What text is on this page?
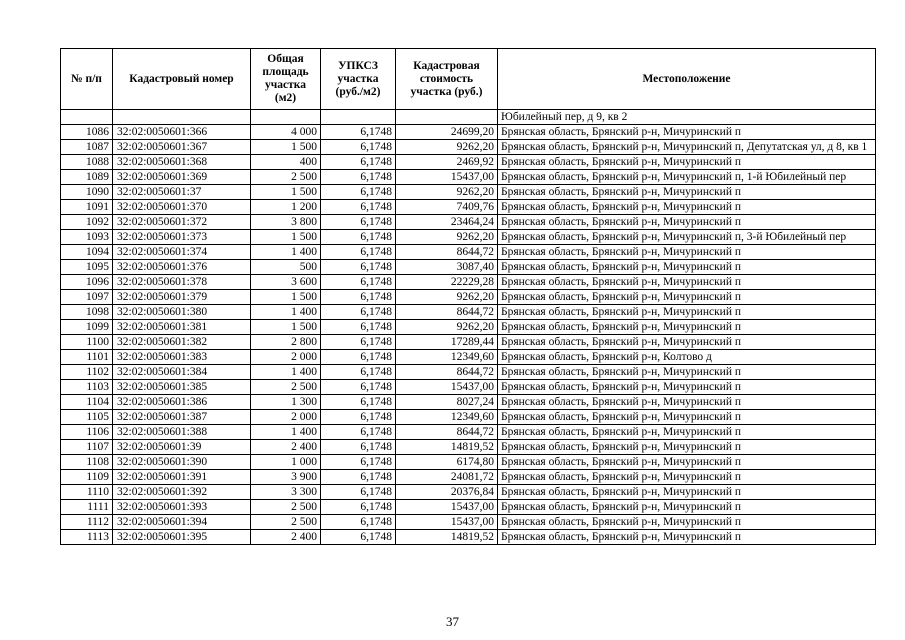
№ п/п	Кадастровый номер	Общая площадь участка (м2)	УПКСЗ участка (руб./м2)	Кадастровая стоимость участка (руб.)	Местоположение
					Юбилейный пер, д 9, кв 2
1086	32:02:0050601:366	4 000	6,1748	24699,20	Брянская область, Брянский р-н, Мичуринский п
1087	32:02:0050601:367	1 500	6,1748	9262,20	Брянская область, Брянский р-н, Мичуринский п, Депутатская ул, д 8, кв 1
1088	32:02:0050601:368	400	6,1748	2469,92	Брянская область, Брянский р-н, Мичуринский п
1089	32:02:0050601:369	2 500	6,1748	15437,00	Брянская область, Брянский р-н, Мичуринский п, 1-й Юбилейный пер
1090	32:02:0050601:37	1 500	6,1748	9262,20	Брянская область, Брянский р-н, Мичуринский п
1091	32:02:0050601:370	1 200	6,1748	7409,76	Брянская область, Брянский р-н, Мичуринский п
1092	32:02:0050601:372	3 800	6,1748	23464,24	Брянская область, Брянский р-н, Мичуринский п
1093	32:02:0050601:373	1 500	6,1748	9262,20	Брянская область, Брянский р-н, Мичуринский п, 3-й Юбилейный пер
1094	32:02:0050601:374	1 400	6,1748	8644,72	Брянская область, Брянский р-н, Мичуринский п
1095	32:02:0050601:376	500	6,1748	3087,40	Брянская область, Брянский р-н, Мичуринский п
1096	32:02:0050601:378	3 600	6,1748	22229,28	Брянская область, Брянский р-н, Мичуринский п
1097	32:02:0050601:379	1 500	6,1748	9262,20	Брянская область, Брянский р-н, Мичуринский п
1098	32:02:0050601:380	1 400	6,1748	8644,72	Брянская область, Брянский р-н, Мичуринский п
1099	32:02:0050601:381	1 500	6,1748	9262,20	Брянская область, Брянский р-н, Мичуринский п
1100	32:02:0050601:382	2 800	6,1748	17289,44	Брянская область, Брянский р-н, Мичуринский п
1101	32:02:0050601:383	2 000	6,1748	12349,60	Брянская область, Брянский р-н, Колтово д
1102	32:02:0050601:384	1 400	6,1748	8644,72	Брянская область, Брянский р-н, Мичуринский п
1103	32:02:0050601:385	2 500	6,1748	15437,00	Брянская область, Брянский р-н, Мичуринский п
1104	32:02:0050601:386	1 300	6,1748	8027,24	Брянская область, Брянский р-н, Мичуринский п
1105	32:02:0050601:387	2 000	6,1748	12349,60	Брянская область, Брянский р-н, Мичуринский п
1106	32:02:0050601:388	1 400	6,1748	8644,72	Брянская область, Брянский р-н, Мичуринский п
1107	32:02:0050601:39	2 400	6,1748	14819,52	Брянская область, Брянский р-н, Мичуринский п
1108	32:02:0050601:390	1 000	6,1748	6174,80	Брянская область, Брянский р-н, Мичуринский п
1109	32:02:0050601:391	3 900	6,1748	24081,72	Брянская область, Брянский р-н, Мичуринский п
1110	32:02:0050601:392	3 300	6,1748	20376,84	Брянская область, Брянский р-н, Мичуринский п
1111	32:02:0050601:393	2 500	6,1748	15437,00	Брянская область, Брянский р-н, Мичуринский п
1112	32:02:0050601:394	2 500	6,1748	15437,00	Брянская область, Брянский р-н, Мичуринский п
1113	32:02:0050601:395	2 400	6,1748	14819,52	Брянская область, Брянский р-н, Мичуринский п
37
